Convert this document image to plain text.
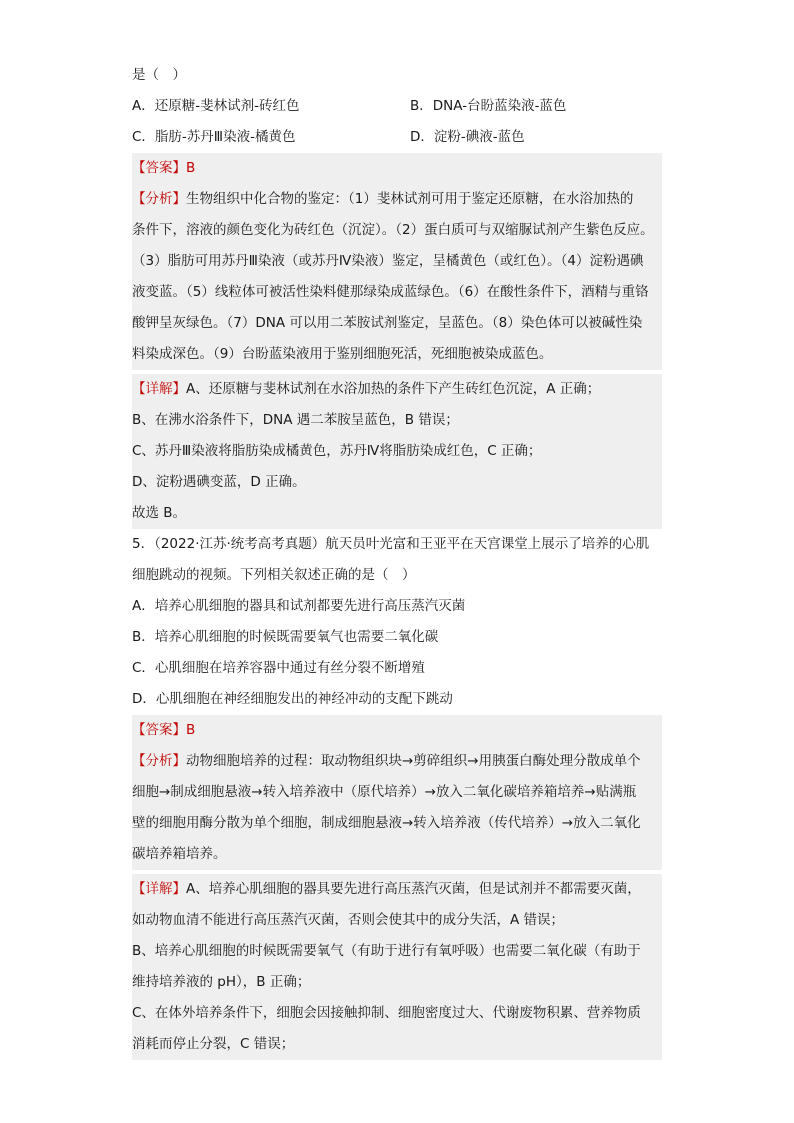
是（　）
A．还原糖-斐林试剂-砖红色	B．DNA-台盼蓝染液-蓝色
C．脂肪-苏丹Ⅲ染液-橘黄色	D．淀粉-碘液-蓝色
【答案】B
【分析】生物组织中化合物的鉴定：（1）斐林试剂可用于鉴定还原糖，在水浴加热的
条件下，溶液的颜色变化为砖红色（沉淀）。（2）蛋白质可与双缩脲试剂产生紫色反应。
（3）脂肪可用苏丹Ⅲ染液（或苏丹Ⅳ染液）鉴定，呈橘黄色（或红色）。（4）淀粉遇碘
液变蓝。（5）线粒体可被活性染料健那绿染成蓝绿色。（6）在酸性条件下，酒精与重铬
酸钾呈灰绿色。（7）DNA 可以用二苯胺试剂鉴定，呈蓝色。（8）染色体可以被碱性染
料染成深色。（9）台盼蓝染液用于鉴别细胞死活，死细胞被染成蓝色。
【详解】A、还原糖与斐林试剂在水浴加热的条件下产生砖红色沉淀，A 正确；
B、在沸水浴条件下，DNA 遇二苯胺呈蓝色，B 错误；
C、苏丹Ⅲ染液将脂肪染成橘黄色，苏丹Ⅳ将脂肪染成红色，C 正确；
D、淀粉遇碘变蓝，D 正确。
故选 B。
5．（2022·江苏·统考高考真题）航天员叶光富和王亚平在天宫课堂上展示了培养的心肌
细胞跳动的视频。下列相关叙述正确的是（　）
A．培养心肌细胞的器具和试剂都要先进行高压蒸汽灭菌
B．培养心肌细胞的时候既需要氧气也需要二氧化碳
C．心肌细胞在培养容器中通过有丝分裂不断增殖
D．心肌细胞在神经细胞发出的神经冲动的支配下跳动
【答案】B
【分析】动物细胞培养的过程：取动物组织块→剪碎组织→用胰蛋白酶处理分散成单个
细胞→制成细胞悬液→转入培养液中（原代培养）→放入二氧化碳培养箱培养→贴满瓶
壁的细胞用酶分散为单个细胞，制成细胞悬液→转入培养液（传代培养）→放入二氧化
碳培养箱培养。
【详解】A、培养心肌细胞的器具要先进行高压蒸汽灭菌，但是试剂并不都需要灭菌，
如动物血清不能进行高压蒸汽灭菌，否则会使其中的成分失活，A 错误；
B、培养心肌细胞的时候既需要氧气（有助于进行有氧呼吸）也需要二氧化碳（有助于
维持培养液的 pH），B 正确；
C、在体外培养条件下，细胞会因接触抑制、细胞密度过大、代谢废物积累、营养物质
消耗而停止分裂，C 错误；
